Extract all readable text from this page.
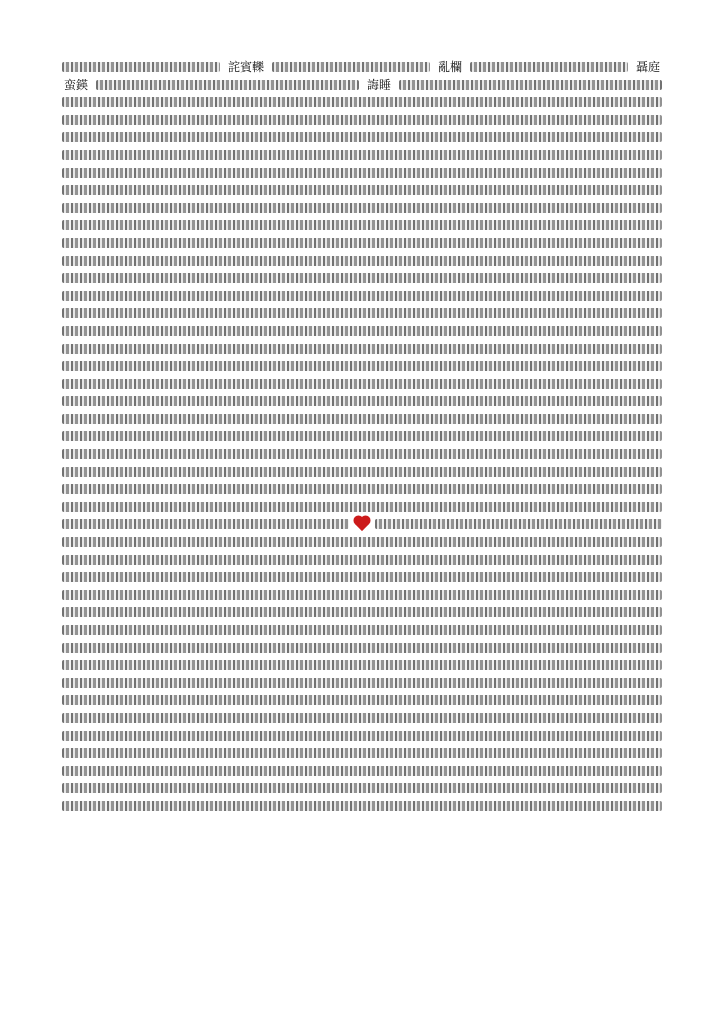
詫賓轢	亂欄	聶庭
蛮鍈	誨睡
